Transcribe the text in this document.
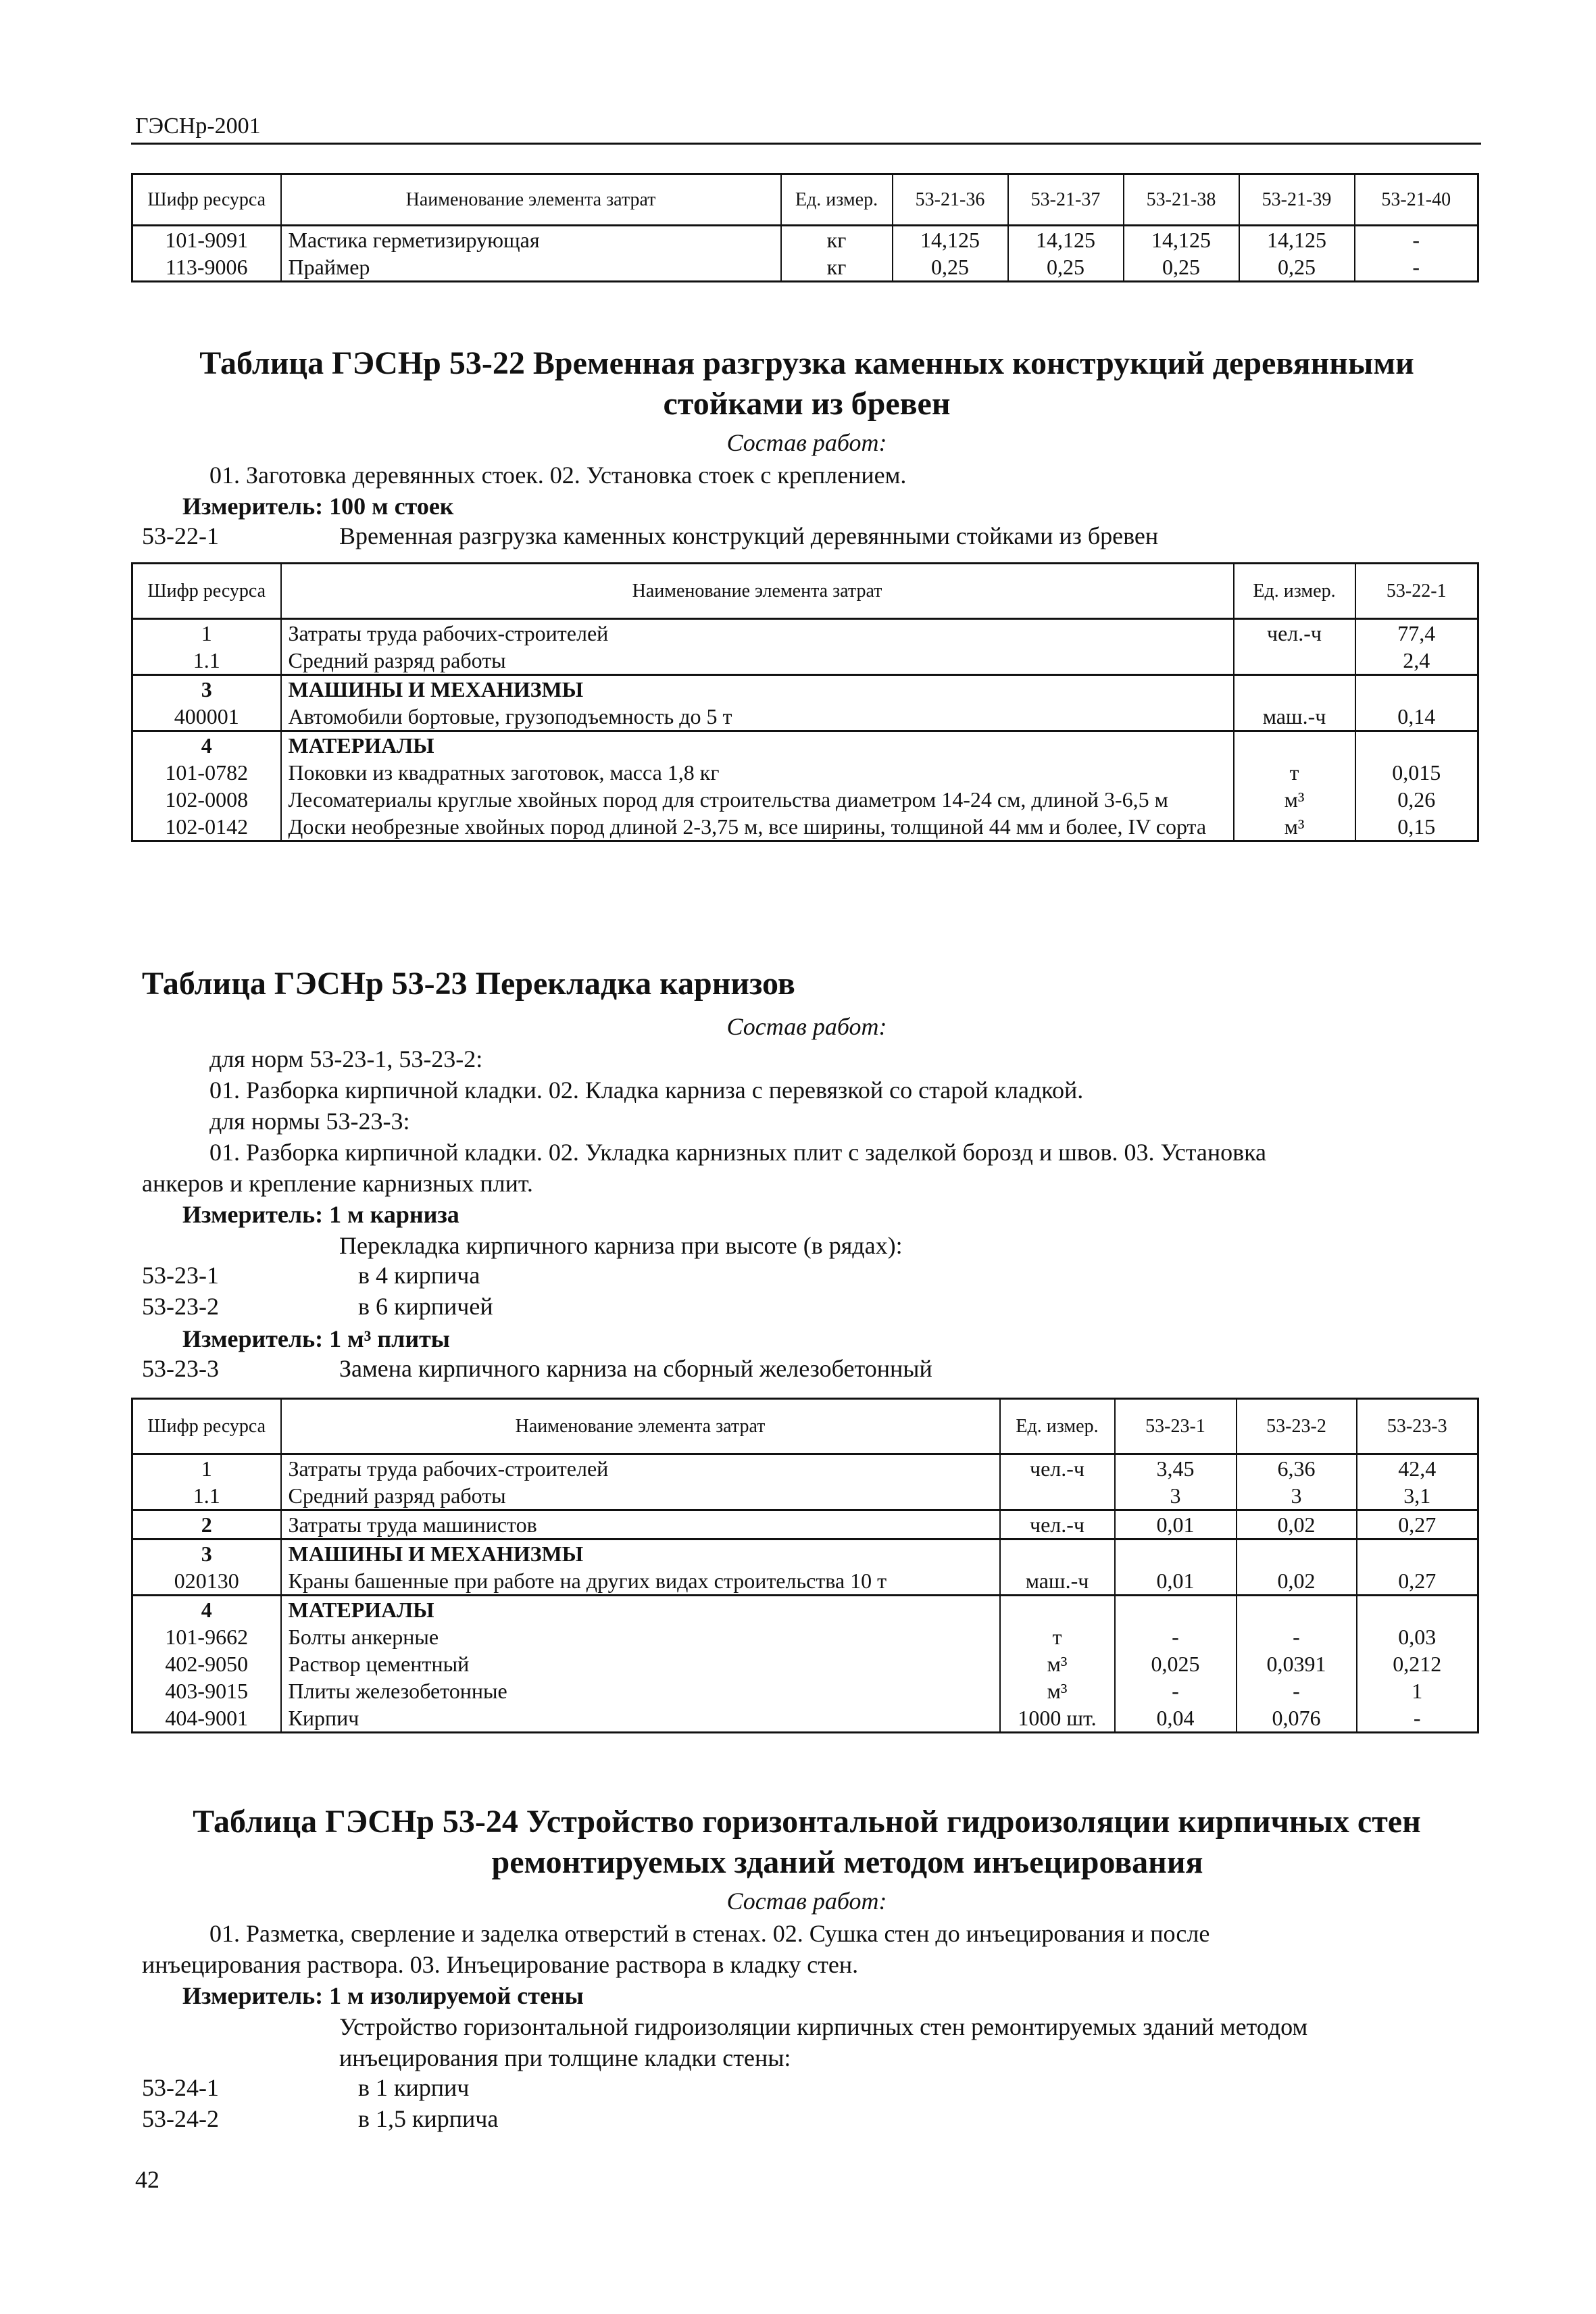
ГЭСНр-2001
Шифр ресурса	Наименование элемента затрат	Ед. измер.	53-21-36	53-21-37	53-21-38	53-21-39	53-21-40
101-9091	Мастика герметизирующая	кг	14,125	14,125	14,125	14,125	-
113-9006	Праймер	кг	0,25	0,25	0,25	0,25	-
Таблица ГЭСНр 53-22 Временная разгрузка каменных конструкций деревянными
стойками из бревен
Состав работ:
01. Заготовка деревянных стоек. 02. Установка стоек с креплением.
Измеритель: 100 м стоек
53-22-1	Временная разгрузка каменных конструкций деревянными стойками из бревен
Шифр ресурса	Наименование элемента затрат	Ед. измер.	53-22-1
1	Затраты труда рабочих-строителей	чел.-ч	77,4
1.1	Средний разряд работы		2,4
3	МАШИНЫ И МЕХАНИЗМЫ		
400001	Автомобили бортовые, грузоподъемность до 5 т	маш.-ч	0,14
4	МАТЕРИАЛЫ		
101-0782	Поковки из квадратных заготовок, масса 1,8 кг	т	0,015
102-0008	Лесоматериалы круглые хвойных пород для строительства диаметром 14-24 см, длиной 3-6,5 м	м³	0,26
102-0142	Доски необрезные хвойных пород длиной 2-3,75 м, все ширины, толщиной 44 мм и более, IV сорта	м³	0,15
Таблица ГЭСНр 53-23 Перекладка карнизов
Состав работ:
для норм 53-23-1, 53-23-2:
01. Разборка кирпичной кладки. 02. Кладка карниза с перевязкой со старой кладкой.
для нормы 53-23-3:
01. Разборка кирпичной кладки. 02. Укладка карнизных плит с заделкой борозд и швов. 03. Установка
анкеров и крепление карнизных плит.
Измеритель: 1 м карниза
Перекладка кирпичного карниза при высоте (в рядах):
53-23-1	в 4 кирпича
53-23-2	в 6 кирпичей
Измеритель: 1 м³ плиты
53-23-3	Замена кирпичного карниза на сборный железобетонный
Шифр ресурса	Наименование элемента затрат	Ед. измер.	53-23-1	53-23-2	53-23-3
1	Затраты труда рабочих-строителей	чел.-ч	3,45	6,36	42,4
1.1	Средний разряд работы		3	3	3,1
2	Затраты труда машинистов	чел.-ч	0,01	0,02	0,27
3	МАШИНЫ И МЕХАНИЗМЫ				
020130	Краны башенные при работе на других видах строительства 10 т	маш.-ч	0,01	0,02	0,27
4	МАТЕРИАЛЫ				
101-9662	Болты анкерные	т	-	-	0,03
402-9050	Раствор цементный	м³	0,025	0,0391	0,212
403-9015	Плиты железобетонные	м³	-	-	1
404-9001	Кирпич	1000 шт.	0,04	0,076	-
Таблица ГЭСНр 53-24 Устройство горизонтальной гидроизоляции кирпичных стен
ремонтируемых зданий методом инъецирования
Состав работ:
01. Разметка, сверление и заделка отверстий в стенах. 02. Сушка стен до инъецирования и после
инъецирования раствора. 03. Инъецирование раствора в кладку стен.
Измеритель: 1 м изолируемой стены
Устройство горизонтальной гидроизоляции кирпичных стен ремонтируемых зданий методом
инъецирования при толщине кладки стены:
53-24-1	в 1 кирпич
53-24-2	в 1,5 кирпича
42
